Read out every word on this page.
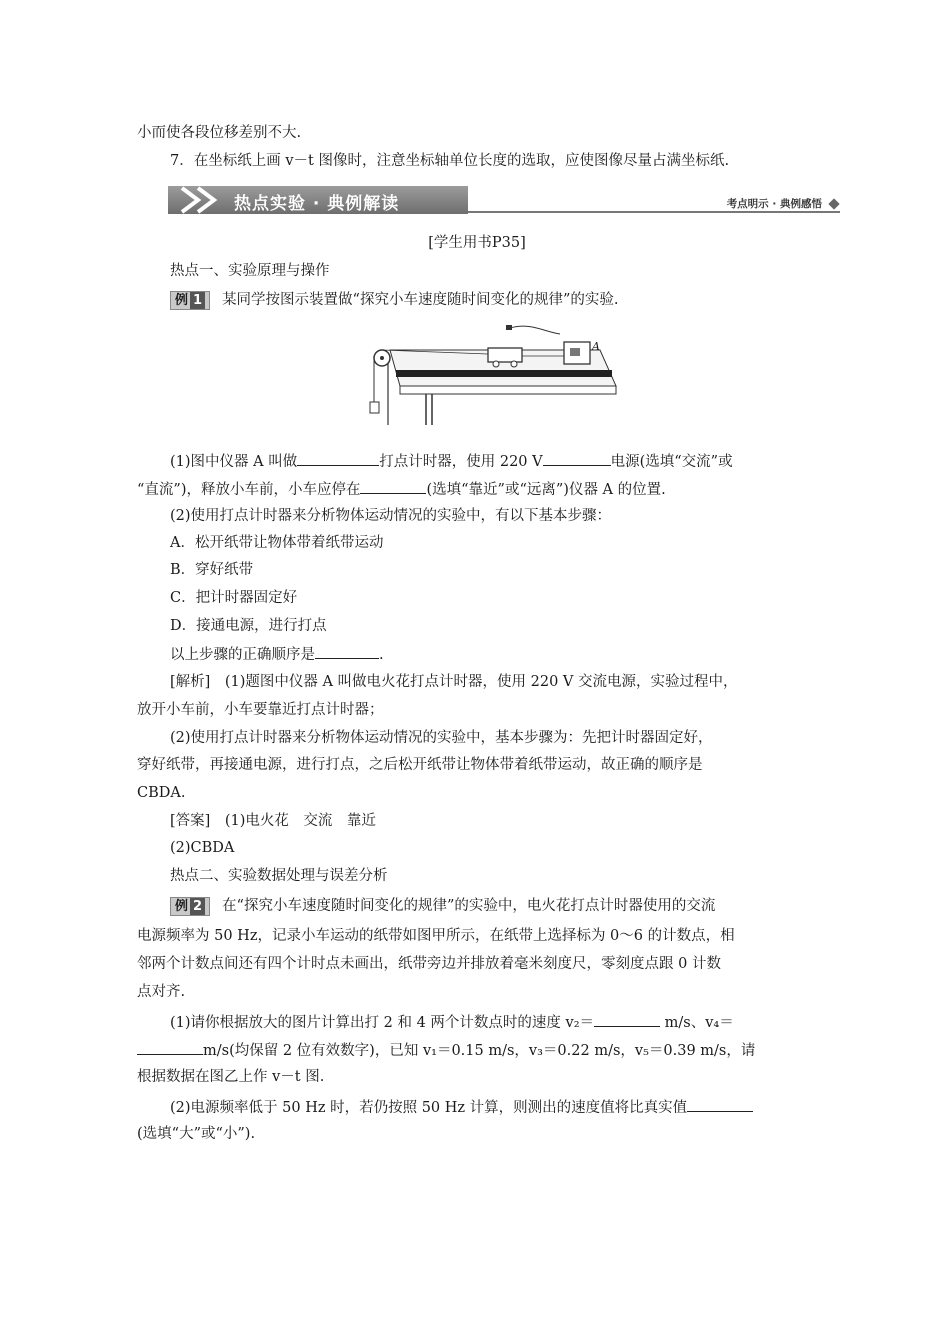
小而使各段位移差别不大.
7．在坐标纸上画 v－t 图像时，注意坐标轴单位长度的选取，应使图像尽量占满坐标纸.
热点实验 · 典例解读	考点明示 · 典例感悟
[学生用书P35]
热点一、实验原理与操作
例 1 某同学按图示装置做“探究小车速度随时间变化的规律”的实验.
A
(1)图中仪器 A 叫做	打点计时器，使用 220 V	电源(选填“交流”或
“直流”)，释放小车前，小车应停在	(选填“靠近”或“远离”)仪器 A 的位置.
(2)使用打点计时器来分析物体运动情况的实验中，有以下基本步骤：
A．松开纸带让物体带着纸带运动
B．穿好纸带
C．把计时器固定好
D．接通电源，进行打点
以上步骤的正确顺序是	.
[解析]　(1)题图中仪器 A 叫做电火花打点计时器，使用 220 V 交流电源，实验过程中，
放开小车前，小车要靠近打点计时器；
(2)使用打点计时器来分析物体运动情况的实验中，基本步骤为：先把计时器固定好，
穿好纸带，再接通电源，进行打点，之后松开纸带让物体带着纸带运动，故正确的顺序是
CBDA.
[答案]　(1)电火花　交流　靠近
(2)CBDA
热点二、实验数据处理与误差分析
例 2 在“探究小车速度随时间变化的规律”的实验中，电火花打点计时器使用的交流
电源频率为 50 Hz，记录小车运动的纸带如图甲所示，在纸带上选择标为 0～6 的计数点，相
邻两个计数点间还有四个计时点未画出，纸带旁边并排放着毫米刻度尺，零刻度点跟 0 计数
点对齐.
(1)请你根据放大的图片计算出打 2 和 4 两个计数点时的速度 v₂＝	m/s、v₄＝
m/s(均保留 2 位有效数字)，已知 v₁＝0.15 m/s，v₃＝0.22 m/s，v₅＝0.39 m/s，请
根据数据在图乙上作 v－t 图.
(2)电源频率低于 50 Hz 时，若仍按照 50 Hz 计算，则测出的速度值将比真实值
(选填“大”或“小”).
